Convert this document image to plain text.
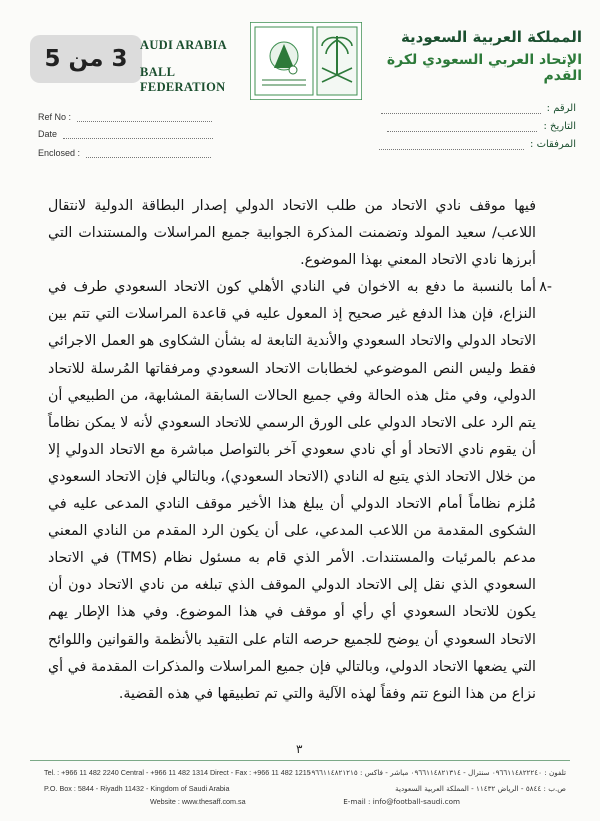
3 من 5
AUDI ARABIA
BALL FEDERATION
المملكة العربية السعودية
الإتحاد العربي السعودي لكرة القدم
Ref No :
Date
Enclosed :
الرقم :
التاريخ :
المرفقات :

فيها موقف نادي الاتحاد من طلب الاتحاد الدولي إصدار البطاقة الدولية لانتقال اللاعب/ سعيد المولد وتضمنت المذكرة الجوابية جميع المراسلات والمستندات التي أبرزها نادي الاتحاد المعني بهذا الموضوع.

-٨

أما بالنسبة ما دفع به الاخوان في النادي الأهلي كون الاتحاد السعودي طرف في النزاع، فإن هذا الدفع غير صحيح إذ المعول عليه في قاعدة المراسلات التي تتم بين الاتحاد الدولي والاتحاد السعودي والأندية التابعة له بشأن الشكاوى هو العمل الاجرائي فقط وليس النص الموضوعي لخطابات الاتحاد السعودي ومرفقاتها المُرسلة للاتحاد الدولي، وفي مثل هذه الحالة وفي جميع الحالات السابقة المشابهة، من الطبيعي أن يتم الرد على الاتحاد الدولي على الورق الرسمي للاتحاد السعودي لأنه لا يمكن نظاماً أن يقوم نادي الاتحاد أو أي نادي سعودي آخر بالتواصل مباشرة مع الاتحاد الدولي إلا من خلال الاتحاد الذي يتبع له النادي (الاتحاد السعودي)، وبالتالي فإن الاتحاد السعودي مُلزم نظاماً أمام الاتحاد الدولي أن يبلغ هذا الأخير موقف النادي المدعى عليه في الشكوى المقدمة من اللاعب المدعي، على أن يكون الرد المقدم من النادي المعني مدعم بالمرئيات والمستندات. الأمر الذي قام به مسئول نظام (TMS) في الاتحاد السعودي الذي نقل إلى الاتحاد الدولي الموقف الذي تبلغه من نادي الاتحاد دون أن يكون للاتحاد السعودي أي رأي أو موقف في هذا الموضوع. وفي هذا الإطار يهم الاتحاد السعودي أن يوضح للجميع حرصه التام على التقيد بالأنظمة والقوانين واللوائح التي يضعها الاتحاد الدولي، وبالتالي فإن جميع المراسلات والمذكرات المقدمة في أي نزاع من هذا النوع تتم وفقاً لهذه الآلية والتي تم تطبيقها في هذه القضية.

٣
Tel. : +966 11 482 2240 Central - +966 11 482 1314 Direct - Fax : +966 11 482 1215
P.O. Box : 5844 - Riyadh 11432 - Kingdom of Saudi Arabia
Website : www.thesaff.com.sa
تلفون : ٠٩٦٦١١٤٨٢٢٢٤٠ سنترال - ٠٩٦٦١١٤٨٢١٣١٤ مباشر - فاكس : ٠٩٦٦١١٤٨٢١٢١٥
ص.ب : ٥٨٤٤ - الرياض ١١٤٣٢ - المملكة العربية السعودية
E-mail : info@football-saudi.com
